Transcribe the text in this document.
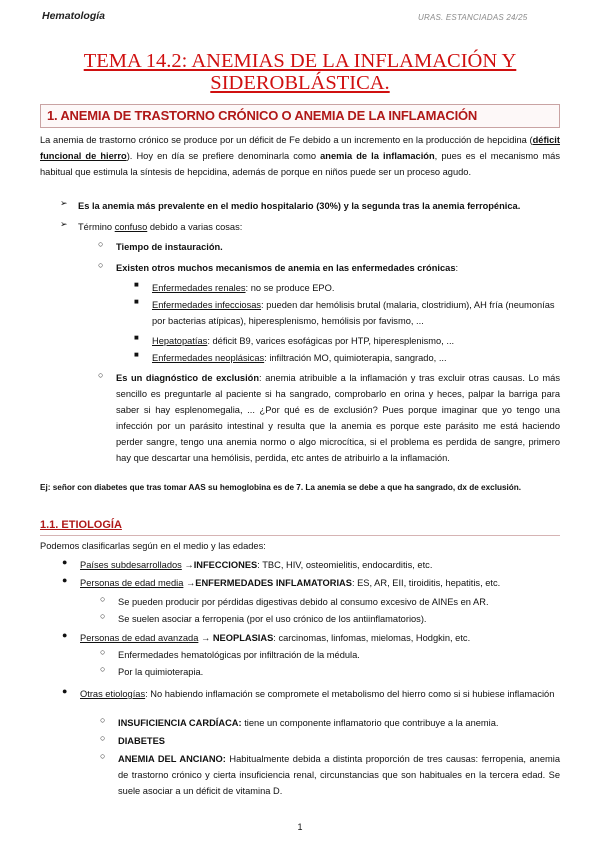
Hematología	URAS. ESTANCIADAS 24/25
TEMA 14.2: ANEMIAS DE LA INFLAMACIÓN Y
SIDEROBLÁSTICA.
1. ANEMIA DE TRASTORNO CRÓNICO O ANEMIA DE LA INFLAMACIÓN
La anemia de trastorno crónico se produce por un déficit de Fe debido a un incremento en la producción de hepcidina (déficit funcional de hierro). Hoy en día se prefiere denominarla como anemia de la inflamación, pues es el mecanismo más habitual que estimula la síntesis de hepcidina, además de porque en niños puede ser un proceso agudo.
➢ Es la anemia más prevalente en el medio hospitalario (30%) y la segunda tras la anemia ferropénica.
➢ Término confuso debido a varias cosas:
○ Tiempo de instauración.
○ Existen otros muchos mecanismos de anemia en las enfermedades crónicas:
■ Enfermedades renales: no se produce EPO.
■ Enfermedades infecciosas: pueden dar hemólisis brutal (malaria, clostridium), AH fría (neumonías por bacterias atípicas), hiperesplenismo, hemólisis por favismo, ...
■ Hepatopatías: déficit B9, varices esofágicas por HTP, hiperesplenismo, ...
■ Enfermedades neoplásicas: infiltración MO, quimioterapia, sangrado, ...
○ Es un diagnóstico de exclusión: anemia atribuible a la inflamación y tras excluir otras causas. Lo más sencillo es preguntarle al paciente si ha sangrado, comprobarlo en orina y heces, palpar la barriga para saber si hay esplenomegalia, ... ¿Por qué es de exclusión? Pues porque imaginar que yo tengo una infección por un parásito intestinal y resulta que la anemia es porque este parásito me está haciendo perder sangre, tengo una anemia normo o algo microcítica, si el problema es perdida de sangre, primero hay que descartar una hemólisis, perdida, etc antes de atribuirlo a la inflamación.
Ej: señor con diabetes que tras tomar AAS su hemoglobina es de 7. La anemia se debe a que ha sangrado, dx de exclusión.
1.1. ETIOLOGÍA
Podemos clasificarlas según en el medio y las edades:
● Países subdesarrollados →INFECCIONES: TBC, HIV, osteomielitis, endocarditis, etc.
● Personas de edad media →ENFERMEDADES INFLAMATORIAS: ES, AR, EII, tiroiditis, hepatitis, etc.
○ Se pueden producir por pérdidas digestivas debido al consumo excesivo de AINEs en AR.
○ Se suelen asociar a ferropenia (por el uso crónico de los antiinflamatorios).
● Personas de edad avanzada → NEOPLASIAS: carcinomas, linfomas, mielomas, Hodgkin, etc.
○ Enfermedades hematológicas por infiltración de la médula.
○ Por la quimioterapia.
● Otras etiologías: No habiendo inflamación se compromete el metabolismo del hierro como si si hubiese inflamación
○ INSUFICIENCIA CARDÍACA: tiene un componente inflamatorio que contribuye a la anemia.
○ DIABETES
○ ANEMIA DEL ANCIANO: Habitualmente debida a distinta proporción de tres causas: ferropenia, anemia de trastorno crónico y cierta insuficiencia renal, circunstancias que son habituales en la tercera edad. Se suele asociar a un déficit de vitamina D.
1
